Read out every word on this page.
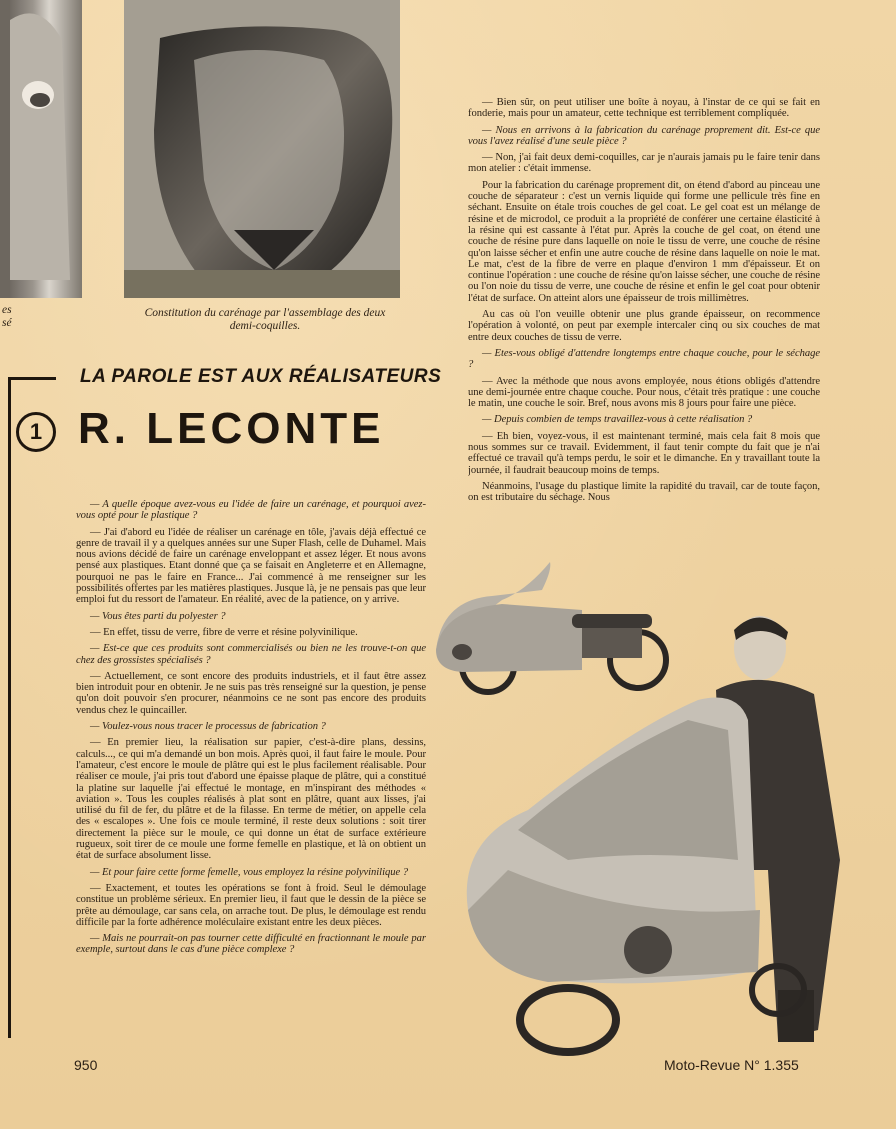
es
sé
Constitution du carénage par l'assemblage des deux demi-coquilles.
LA PAROLE EST AUX RÉALISATEURS
1 R. LECONTE

— A quelle époque avez-vous eu l'idée de faire un carénage, et pourquoi avez-vous opté pour le plastique ?

— J'ai d'abord eu l'idée de réaliser un carénage en tôle, j'avais déjà effectué ce genre de travail il y a quelques années sur une Super Flash, celle de Duhamel. Mais nous avions décidé de faire un carénage enveloppant et assez léger. Et nous avons pensé aux plastiques. Etant donné que ça se faisait en Angleterre et en Allemagne, pourquoi ne pas le faire en France... J'ai commencé à me renseigner sur les possibilités offertes par les matières plastiques. Jusque là, je ne pensais pas que leur emploi fut du ressort de l'amateur. En réalité, avec de la patience, on y arrive.

— Vous êtes parti du polyester ?

— En effet, tissu de verre, fibre de verre et résine polyvinilique.

— Est-ce que ces produits sont commercialisés ou bien ne les trouve-t-on que chez des grossistes spécialisés ?

— Actuellement, ce sont encore des produits industriels, et il faut être assez bien introduit pour en obtenir. Je ne suis pas très renseigné sur la question, je pense qu'on doit pouvoir s'en procurer, néanmoins ce ne sont pas encore des produits vendus chez le quincailler.

— Voulez-vous nous tracer le processus de fabrication ?

— En premier lieu, la réalisation sur papier, c'est-à-dire plans, dessins, calculs..., ce qui m'a demandé un bon mois. Après quoi, il faut faire le moule. Pour l'amateur, c'est encore le moule de plâtre qui est le plus facilement réalisable. Pour réaliser ce moule, j'ai pris tout d'abord une épaisse plaque de plâtre, qui a constitué la platine sur laquelle j'ai effectué le montage, en m'inspirant des méthodes « aviation ». Tous les couples réalisés à plat sont en plâtre, quant aux lisses, j'ai utilisé du fil de fer, du plâtre et de la filasse. En terme de métier, on appelle cela des « escalopes ». Une fois ce moule terminé, il reste deux solutions : soit tirer directement la pièce sur le moule, ce qui donne un état de surface extérieure rugueux, soit tirer de ce moule une forme femelle en plastique, et là on obtient un état de surface absolument lisse.

— Et pour faire cette forme femelle, vous employez la résine polyvinilique ?

— Exactement, et toutes les opérations se font à froid. Seul le démoulage constitue un problème sérieux. En premier lieu, il faut que le dessin de la pièce se prête au démoulage, car sans cela, on arrache tout. De plus, le démoulage est rendu difficile par la forte adhérence moléculaire existant entre les deux pièces.

— Mais ne pourrait-on pas tourner cette difficulté en fractionnant le moule par exemple, surtout dans le cas d'une pièce complexe ?

— Bien sûr, on peut utiliser une boîte à noyau, à l'instar de ce qui se fait en fonderie, mais pour un amateur, cette technique est terriblement compliquée.

— Nous en arrivons à la fabrication du carénage proprement dit. Est-ce que vous l'avez réalisé d'une seule pièce ?

— Non, j'ai fait deux demi-coquilles, car je n'aurais jamais pu le faire tenir dans mon atelier : c'était immense.

Pour la fabrication du carénage proprement dit, on étend d'abord au pinceau une couche de séparateur : c'est un vernis liquide qui forme une pellicule très fine en séchant. Ensuite on étale trois couches de gel coat. Le gel coat est un mélange de résine et de microdol, ce produit a la propriété de conférer une certaine élasticité à la résine qui est cassante à l'état pur. Après la couche de gel coat, on étend une couche de résine pure dans laquelle on noie le tissu de verre, une couche de résine qu'on laisse sécher et enfin une autre couche de résine dans laquelle on noie le mat. Le mat, c'est de la fibre de verre en plaque d'environ 1 mm d'épaisseur. Et on continue l'opération : une couche de résine qu'on laisse sécher, une couche de résine ou l'on noie du tissu de verre, une couche de résine et enfin le gel coat pour obtenir l'état de surface. On atteint alors une épaisseur de trois millimètres.

Au cas où l'on veuille obtenir une plus grande épaisseur, on recommence l'opération à volonté, on peut par exemple intercaler cinq ou six couches de mat entre deux couches de tissu de verre.

— Etes-vous obligé d'attendre longtemps entre chaque couche, pour le séchage ?

— Avec la méthode que nous avons employée, nous étions obligés d'attendre une demi-journée entre chaque couche. Pour nous, c'était très pratique : une couche le matin, une couche le soir. Bref, nous avons mis 8 jours pour faire une pièce.

— Depuis combien de temps travaillez-vous à cette réalisation ?

— Eh bien, voyez-vous, il est maintenant terminé, mais cela fait 8 mois que nous sommes sur ce travail. Evidemment, il faut tenir compte du fait que je n'ai effectué ce travail qu'à temps perdu, le soir et le dimanche. En y travaillant toute la journée, il faudrait beaucoup moins de temps.

Néanmoins, l'usage du plastique limite la rapidité du travail, car de toute façon, on est tributaire du séchage. Nous

950	Moto-Revue N° 1.355
